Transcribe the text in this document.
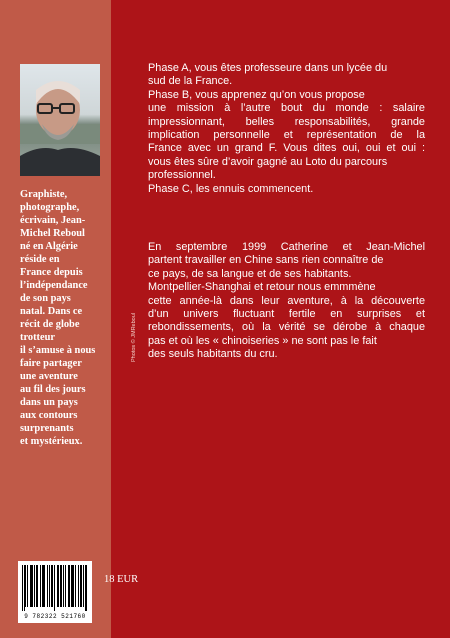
Graphiste,
photographe,
écrivain, Jean-
Michel Reboul
né en Algérie
réside en
France depuis
l’indépendance
de son pays
natal. Dans ce
récit de globe
trotteur
il s’amuse à nous
faire partager
une aventure
au fil des jours
dans un pays
aux contours
surprenants
et mystérieux.
Phase A, vous êtes professeure dans un lycée du
sud de la France.
Phase B, vous apprenez qu’on vous propose
une mission à l’autre bout du monde : salaire
impressionnant, belles responsabilités, grande
implication personnelle et représentation de la
France avec un grand F. Vous dites oui, oui et oui :
vous êtes sûre d’avoir gagné au Loto du parcours
professionnel.
Phase C, les ennuis commencent.
En septembre 1999 Catherine et Jean-Michel
partent travailler en Chine sans rien connaître de
ce pays, de sa langue et de ses habitants.
Montpellier-Shanghai et retour nous emmmène
cette année-là dans leur aventure, à la découverte
d’un univers fluctuant fertile en surprises et
rebondissements, où la vérité se dérobe à chaque
pas et où les « chinoiseries » ne sont pas le fait
des seuls habitants du cru.
Photos © JMReboul
9 782322 521760
18 EUR
